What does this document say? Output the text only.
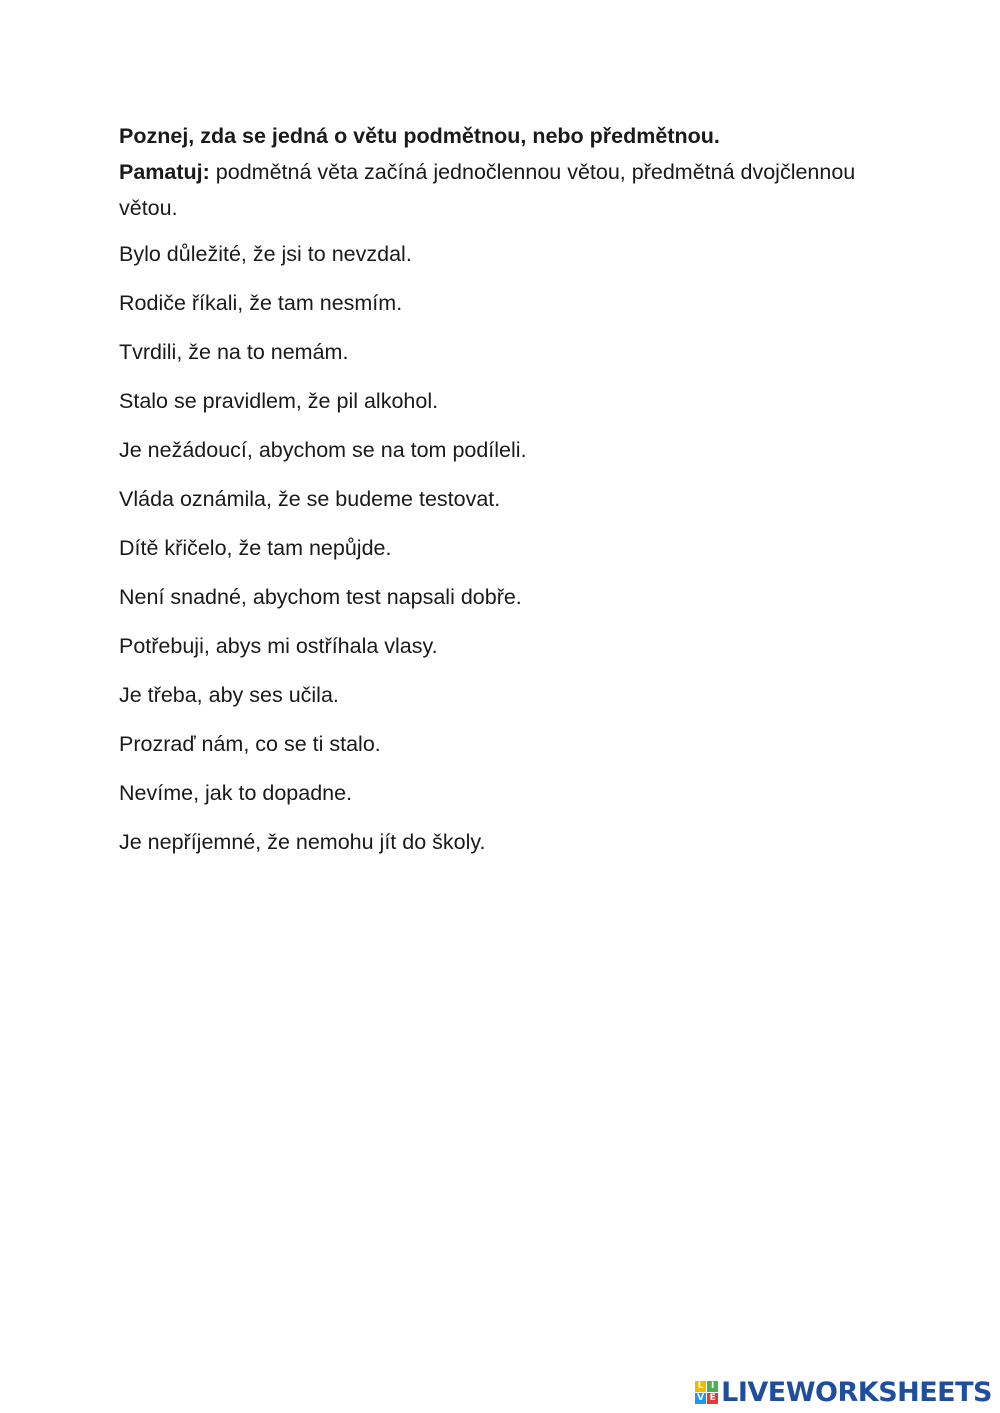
Poznej, zda se jedná o větu podmětnou, nebo předmětnou.

Pamatuj: podmětná věta začíná jednočlennou větou, předmětná dvojčlennou větou.

Bylo důležité, že jsi to nevzdal.
Rodiče říkali, že tam nesmím.
Tvrdili, že na to nemám.
Stalo se pravidlem, že pil alkohol.
Je nežádoucí, abychom se na tom podíleli.
Vláda oznámila, že se budeme testovat.
Dítě křičelo, že tam nepůjde.
Není snadné, abychom test napsali dobře.
Potřebuji, abys mi ostříhala vlasy.
Je třeba, aby ses učila.
Prozraď nám, co se ti stalo.
Nevíme, jak to dopadne.
Je nepříjemné, že nemohu jít do školy.
L I
V E LIVEWORKSHEETS
